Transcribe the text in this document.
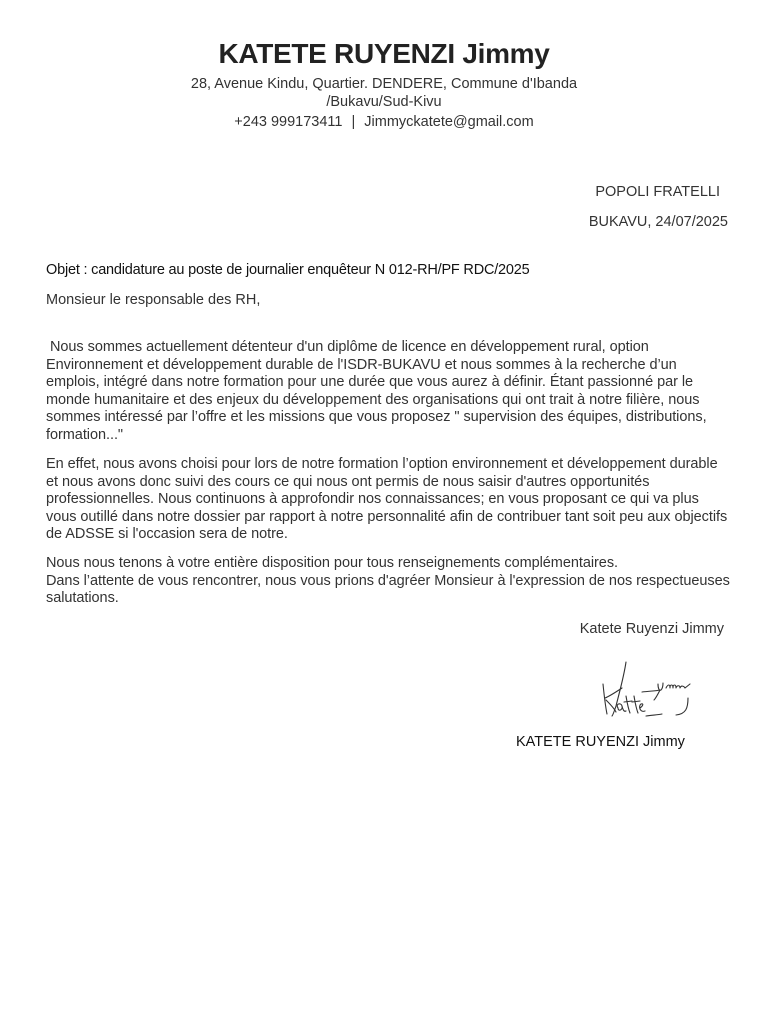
KATETE RUYENZI Jimmy
28, Avenue Kindu, Quartier. DENDERE, Commune d'Ibanda /Bukavu/Sud-Kivu
+243 999173411 | Jimmyckatete@gmail.com
POPOLI FRATELLI
BUKAVU, 24/07/2025
Objet : candidature au poste de journalier enquêteur N 012-RH/PF RDC/2025
Monsieur le responsable des RH,
Nous sommes actuellement détenteur d'un diplôme de licence en développement rural, option Environnement et développement durable de l'ISDR-BUKAVU et nous sommes à la recherche d’un emplois, intégré dans notre formation pour une durée que vous aurez à définir. Étant passionné par le monde humanitaire et des enjeux du développement des organisations qui ont trait à notre filière, nous sommes intéressé par l’offre et les missions que vous proposez " supervision des équipes, distributions, formation..."
En effet, nous avons choisi pour lors de notre formation l’option environnement et développement durable et nous avons donc suivi des cours ce qui nous ont permis de nous saisir d'autres opportunités professionnelles. Nous continuons à approfondir nos connaissances; en vous proposant ce qui va plus vous outillé dans notre dossier par rapport à notre personnalité afin de contribuer tant soit peu aux objectifs de ADSSE si l'occasion sera de notre.
Nous nous tenons à votre entière disposition pour tous renseignements complémentaires.
Dans l’attente de vous rencontrer, nous vous prions d'agréer Monsieur à l'expression de nos respectueuses salutations.
Katete Ruyenzi Jimmy
KATETE RUYENZI Jimmy
